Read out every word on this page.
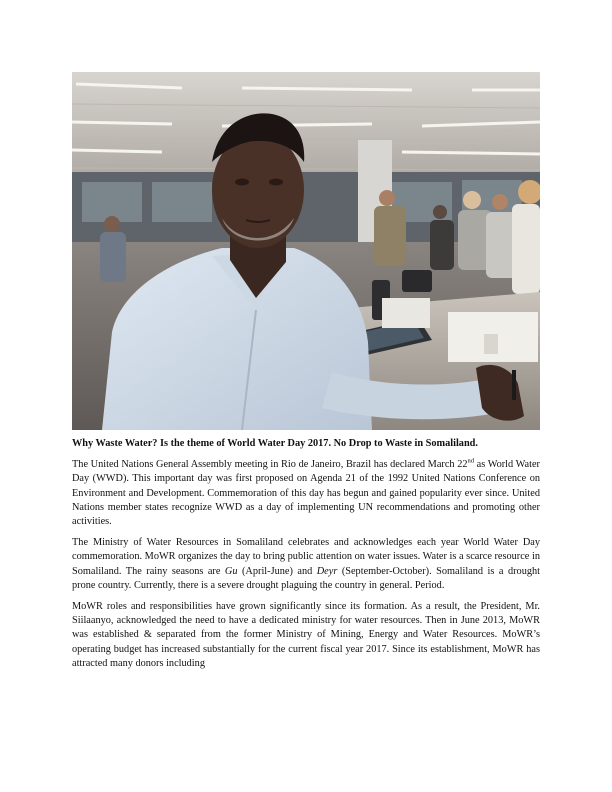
Why Waste Water? Is the theme of World Water Day 2017. No Drop to Waste in Somaliland.

The United Nations General Assembly meeting in Rio de Janeiro, Brazil has declared March 22nd as World Water Day (WWD). This important day was first proposed on Agenda 21 of the 1992 United Nations Conference on Environment and Development. Commemoration of this day has begun and gained popularity ever since. United Nations member states recognize WWD as a day of implementing UN recommendations and promoting other activities.

The Ministry of Water Resources in Somaliland celebrates and acknowledges each year World Water Day commemoration. MoWR organizes the day to bring public attention on water issues. Water is a scarce resource in Somaliland. The rainy seasons are Gu (April-June) and Deyr (September-October). Somaliland is a drought prone country. Currently, there is a severe drought plaguing the country in general. Period.

MoWR roles and responsibilities have grown significantly since its formation. As a result, the President, Mr. Siilaanyo, acknowledged the need to have a dedicated ministry for water resources. Then in June 2013, MoWR was established & separated from the former Ministry of Mining, Energy and Water Resources. MoWR’s operating budget has increased substantially for the current fiscal year 2017. Since its establishment, MoWR has attracted many donors including
